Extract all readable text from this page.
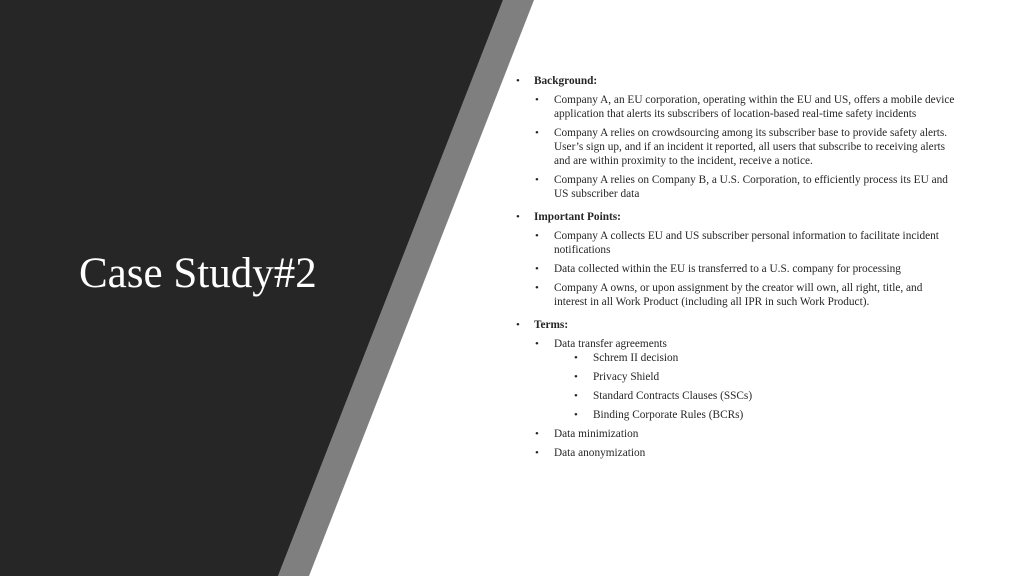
Case Study#2
• Background:
• Company A, an EU corporation, operating within the EU and US, offers a mobile device application that alerts its subscribers of location-based real-time safety incidents
• Company A relies on crowdsourcing among its subscriber base to provide safety alerts. User’s sign up, and if an incident it reported, all users that subscribe to receiving alerts and are within proximity to the incident, receive a notice.
• Company A relies on Company B, a U.S. Corporation, to efficiently process its EU and US subscriber data
• Important Points:
• Company A collects EU and US subscriber personal information to facilitate incident notifications
• Data collected within the EU is transferred to a U.S. company for processing
• Company A owns, or upon assignment by the creator will own, all right, title, and interest in all Work Product (including all IPR in such Work Product).
• Terms:
• Data transfer agreements
• Schrem II decision
• Privacy Shield
• Standard Contracts Clauses (SSCs)
• Binding Corporate Rules (BCRs)
• Data minimization
• Data anonymization
